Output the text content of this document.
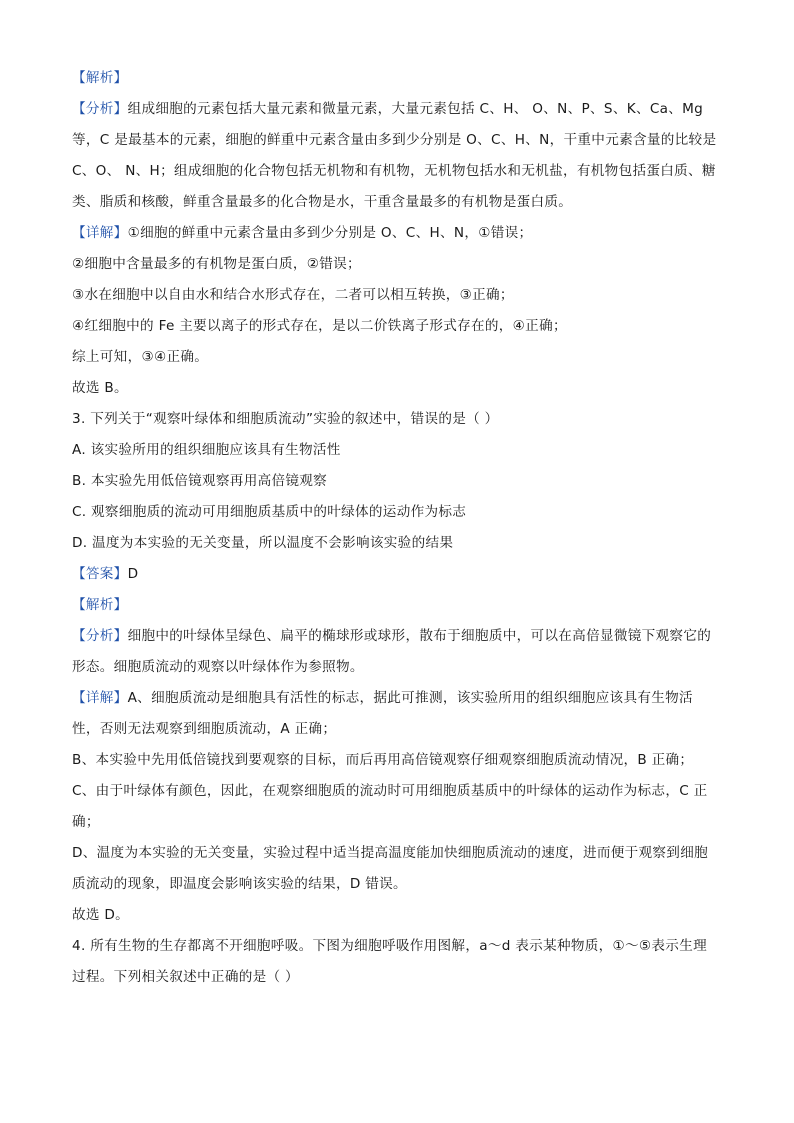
【解析】
【分析】组成细胞的元素包括大量元素和微量元素，大量元素包括 C、H、 O、N、P、S、K、Ca、Mg
等，C 是最基本的元素，细胞的鲜重中元素含量由多到少分别是 O、C、H、N，干重中元素含量的比较是
C、O、 N、H；组成细胞的化合物包括无机物和有机物，无机物包括水和无机盐，有机物包括蛋白质、糖
类、脂质和核酸，鲜重含量最多的化合物是水，干重含量最多的有机物是蛋白质。
【详解】①细胞的鲜重中元素含量由多到少分别是 O、C、H、N，①错误；
②细胞中含量最多的有机物是蛋白质，②错误；
③水在细胞中以自由水和结合水形式存在，二者可以相互转换，③正确；
④红细胞中的 Fe 主要以离子的形式存在，是以二价铁离子形式存在的，④正确；
综上可知，③④正确。
故选 B。
3. 下列关于“观察叶绿体和细胞质流动”实验的叙述中，错误的是（ ）
A. 该实验所用的组织细胞应该具有生物活性
B. 本实验先用低倍镜观察再用高倍镜观察
C. 观察细胞质的流动可用细胞质基质中的叶绿体的运动作为标志
D. 温度为本实验的无关变量，所以温度不会影响该实验的结果
【答案】D
【解析】
【分析】细胞中的叶绿体呈绿色、扁平的椭球形或球形，散布于细胞质中，可以在高倍显微镜下观察它的
形态。细胞质流动的观察以叶绿体作为参照物。
【详解】A、细胞质流动是细胞具有活性的标志，据此可推测，该实验所用的组织细胞应该具有生物活
性，否则无法观察到细胞质流动，A 正确；
B、本实验中先用低倍镜找到要观察的目标，而后再用高倍镜观察仔细观察细胞质流动情况，B 正确；
C、由于叶绿体有颜色，因此，在观察细胞质的流动时可用细胞质基质中的叶绿体的运动作为标志，C 正
确；
D、温度为本实验的无关变量，实验过程中适当提高温度能加快细胞质流动的速度，进而便于观察到细胞
质流动的现象，即温度会影响该实验的结果，D 错误。
故选 D。
4. 所有生物的生存都离不开细胞呼吸。下图为细胞呼吸作用图解，a～d 表示某种物质，①～⑤表示生理
过程。下列相关叙述中正确的是（ ）
